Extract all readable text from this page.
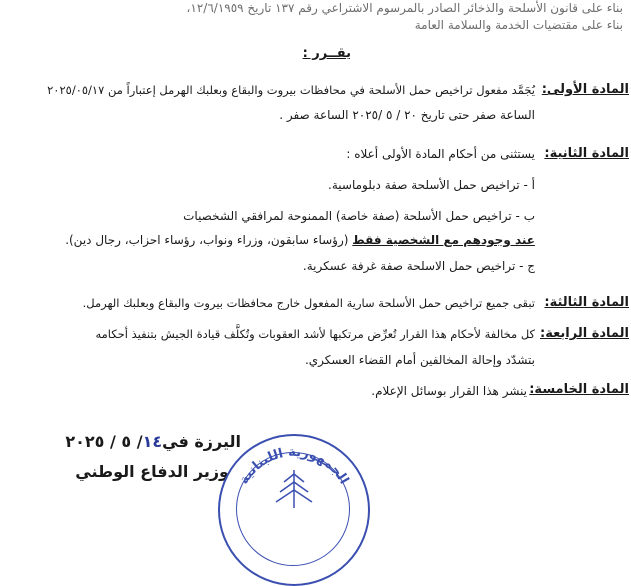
بناء على قانون الأسلحة والذخائر الصادر بالمرسوم الاشتراعي رقم ١٣٧ تاريخ ١٢/٦/١٩٥٩،
بناء على مقتضيات الخدمة والسلامة العامة
يقــرر :
المادة الأولى:
يُجَمَّد مفعول تراخيص حمل الأسلحة في محافظات بيروت والبقاع وبعلبك الهرمل إعتباراً من ٢٠٢٥/٠٥/١٧
الساعة صفر حتى تاريخ ٢٠ / ٥ /٢٠٢٥ الساعة صفر .
المادة الثانية:
يستثنى من أحكام المادة الأولى أعلاه :
أ - تراخيص حمل الأسلحة صفة دبلوماسية.
ب - تراخيص حمل الأسلحة (صفة خاصة) الممنوحة لمرافقي الشخصيات
عند وجودهم مع الشخصية فقط (رؤساء سابقون، وزراء ونواب، رؤساء احزاب، رجال دين).
ج - تراخيص حمل الاسلحة صفة غرفة عسكرية.
المادة الثالثة:
تبقى جميع تراخيص حمل الأسلحة سارية المفعول خارج محافظات بيروت والبقاع وبعلبك الهرمل.
المادة الرابعة:
كل مخالفة لأحكام هذا القرار تُعرِّض مرتكبها لأشد العقوبات وتُكلَّف قيادة الجيش بتنفيذ أحكامه
بتشدّد وإحالة المخالفين أمام القضاء العسكري.
المادة الخامسة:
ينشر هذا القرار بوسائل الإعلام.
اليرزة في١٤/ ٥ / ٢٠٢٥
وزير الدفاع الوطني الجمهورية اللبنانية
